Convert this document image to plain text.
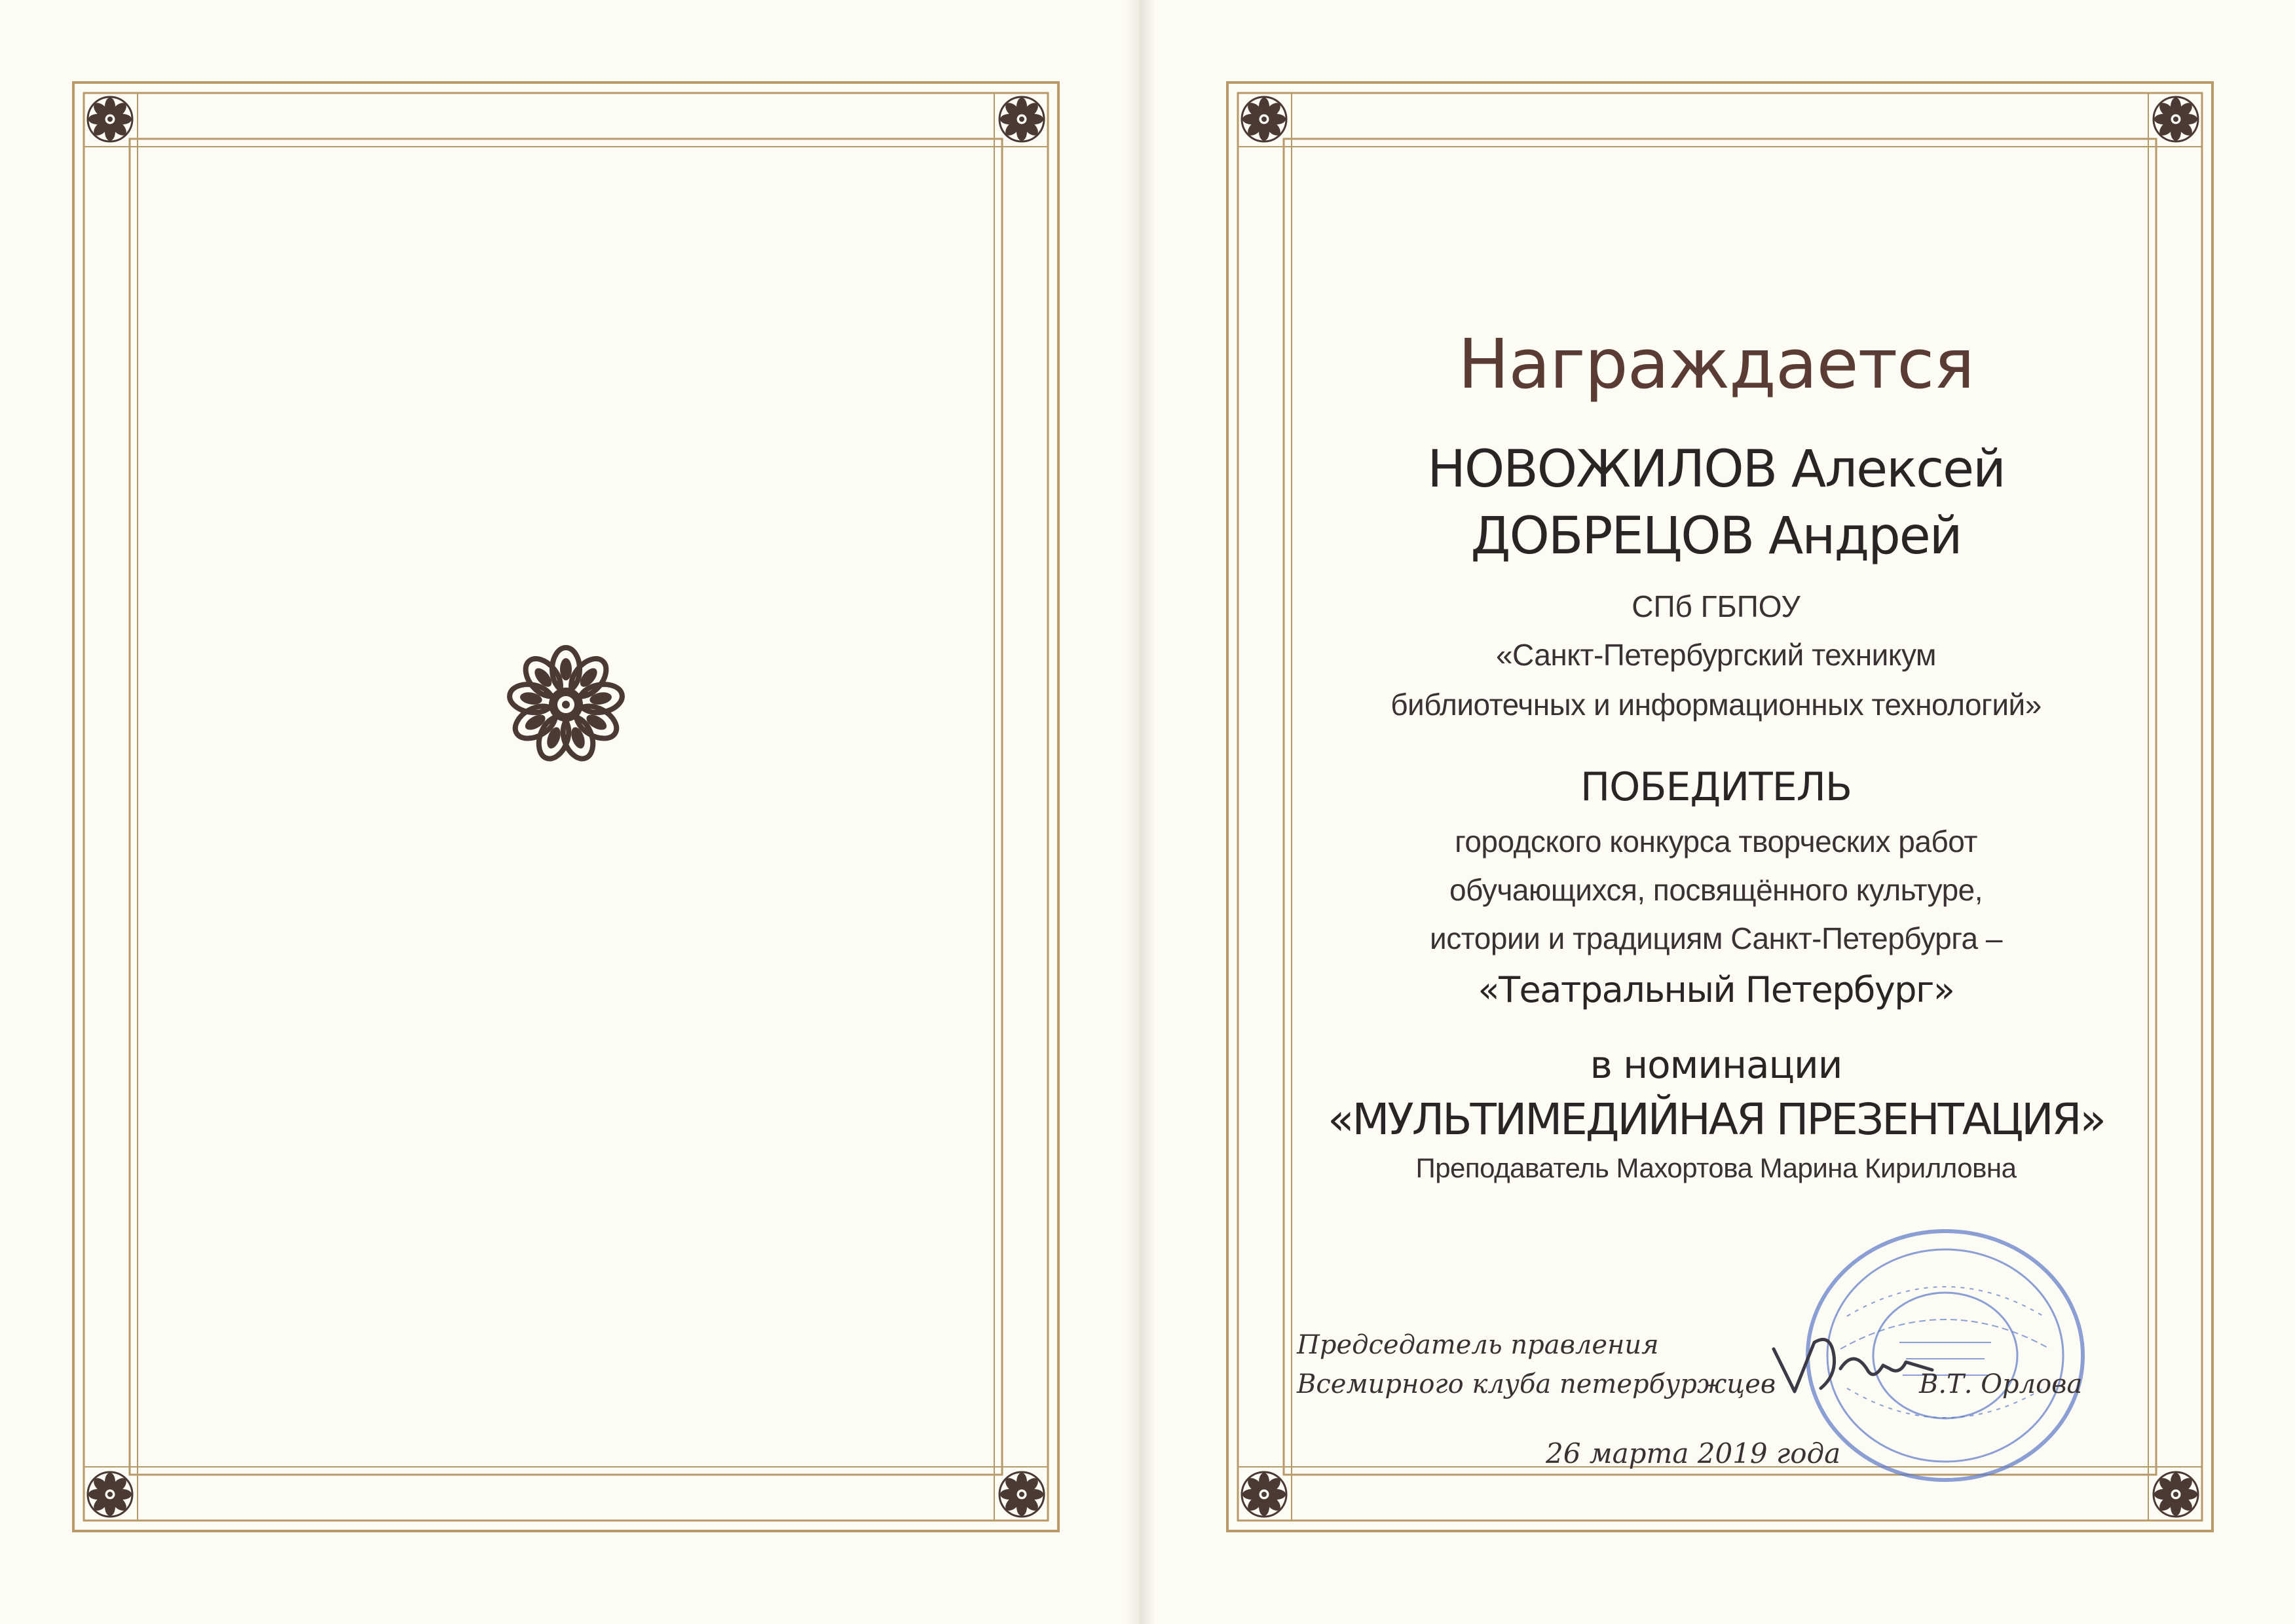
Награждается
НОВОЖИЛОВ Алексей
ДОБРЕЦОВ Андрей
СПб ГБПОУ
«Санкт-Петербургский техникум
библиотечных и информационных технологий»
ПОБЕДИТЕЛЬ
городского конкурса творческих работ
обучающихся, посвящённого культуре,
истории и традициям Санкт-Петербурга –
«Театральный Петербург»
в номинации
«МУЛЬТИМЕДИЙНАЯ ПРЕЗЕНТАЦИЯ»
Преподаватель Махортова Марина Кирилловна
Председатель правления
Всемирного клуба петербуржцев	В.Т. Орлова
26 марта 2019 года
